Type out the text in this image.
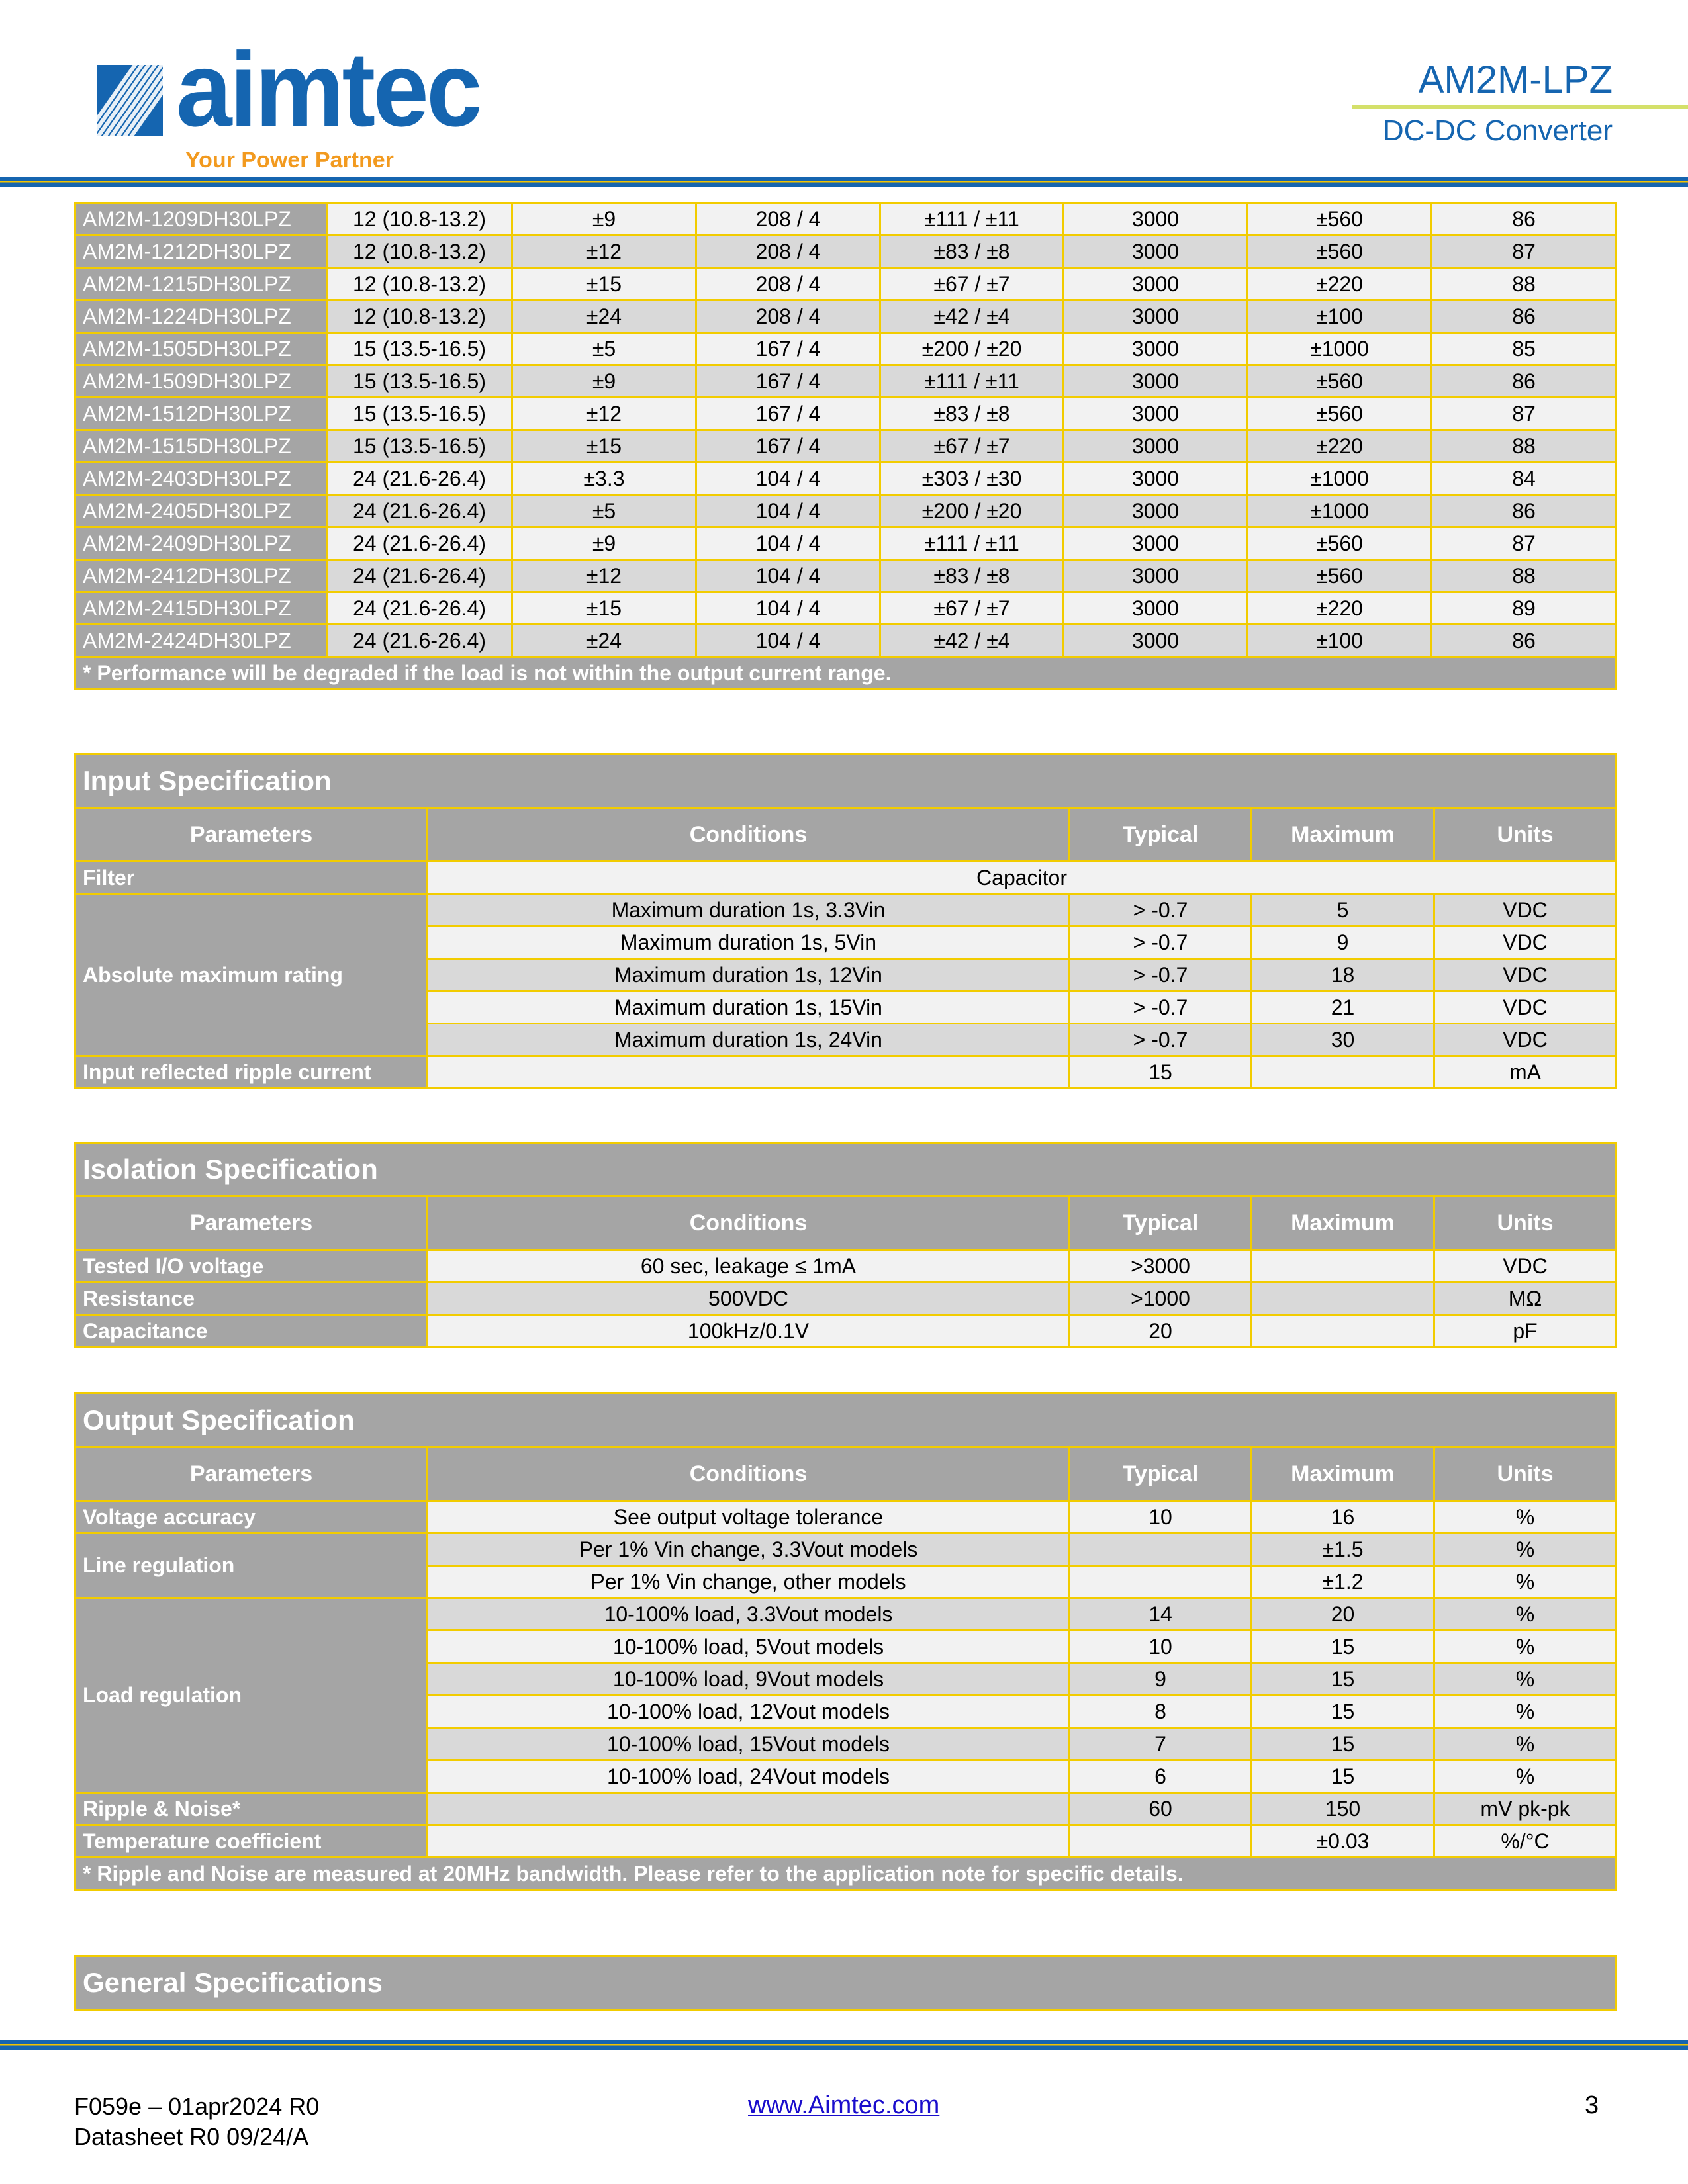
aimtec
Your Power Partner
AM2M-LPZ
DC-DC Converter
AM2M-1209DH30LPZ	12 (10.8-13.2)	±9	208 / 4	±111 / ±11	3000	±560	86
AM2M-1212DH30LPZ	12 (10.8-13.2)	±12	208 / 4	±83 / ±8	3000	±560	87
AM2M-1215DH30LPZ	12 (10.8-13.2)	±15	208 / 4	±67 / ±7	3000	±220	88
AM2M-1224DH30LPZ	12 (10.8-13.2)	±24	208 / 4	±42 / ±4	3000	±100	86
AM2M-1505DH30LPZ	15 (13.5-16.5)	±5	167 / 4	±200 / ±20	3000	±1000	85
AM2M-1509DH30LPZ	15 (13.5-16.5)	±9	167 / 4	±111 / ±11	3000	±560	86
AM2M-1512DH30LPZ	15 (13.5-16.5)	±12	167 / 4	±83 / ±8	3000	±560	87
AM2M-1515DH30LPZ	15 (13.5-16.5)	±15	167 / 4	±67 / ±7	3000	±220	88
AM2M-2403DH30LPZ	24 (21.6-26.4)	±3.3	104 / 4	±303 / ±30	3000	±1000	84
AM2M-2405DH30LPZ	24 (21.6-26.4)	±5	104 / 4	±200 / ±20	3000	±1000	86
AM2M-2409DH30LPZ	24 (21.6-26.4)	±9	104 / 4	±111 / ±11	3000	±560	87
AM2M-2412DH30LPZ	24 (21.6-26.4)	±12	104 / 4	±83 / ±8	3000	±560	88
AM2M-2415DH30LPZ	24 (21.6-26.4)	±15	104 / 4	±67 / ±7	3000	±220	89
AM2M-2424DH30LPZ	24 (21.6-26.4)	±24	104 / 4	±42 / ±4	3000	±100	86
* Performance will be degraded if the load is not within the output current range.							
Input Specification				
Parameters	Conditions	Typical	Maximum	Units
Filter	Capacitor			
Absolute maximum rating	Maximum duration 1s, 3.3Vin	> -0.7	5	VDC
	Maximum duration 1s, 5Vin	> -0.7	9	VDC
	Maximum duration 1s, 12Vin	> -0.7	18	VDC
	Maximum duration 1s, 15Vin	> -0.7	21	VDC
	Maximum duration 1s, 24Vin	> -0.7	30	VDC
Input reflected ripple current		15		mA
Isolation Specification				
Parameters	Conditions	Typical	Maximum	Units
Tested I/O voltage	60 sec, leakage ≤ 1mA	>3000		VDC
Resistance	500VDC	>1000		MΩ
Capacitance	100kHz/0.1V	20		pF
Output Specification				
Parameters	Conditions	Typical	Maximum	Units
Voltage accuracy	See output voltage tolerance	10	16	%
Line regulation	Per 1% Vin change, 3.3Vout models		±1.5	%
	Per 1% Vin change, other models		±1.2	%
Load regulation	10-100% load, 3.3Vout models	14	20	%
	10-100% load, 5Vout models	10	15	%
	10-100% load, 9Vout models	9	15	%
	10-100% load, 12Vout models	8	15	%
	10-100% load, 15Vout models	7	15	%
	10-100% load, 24Vout models	6	15	%
Ripple & Noise*		60	150	mV pk-pk
Temperature coefficient			±0.03	%/°C
* Ripple and Noise are measured at 20MHz bandwidth. Please refer to the application note for specific details.				
General Specifications
F059e – 01apr2024 R0
Datasheet R0 09/24/A
www.Aimtec.com	3
